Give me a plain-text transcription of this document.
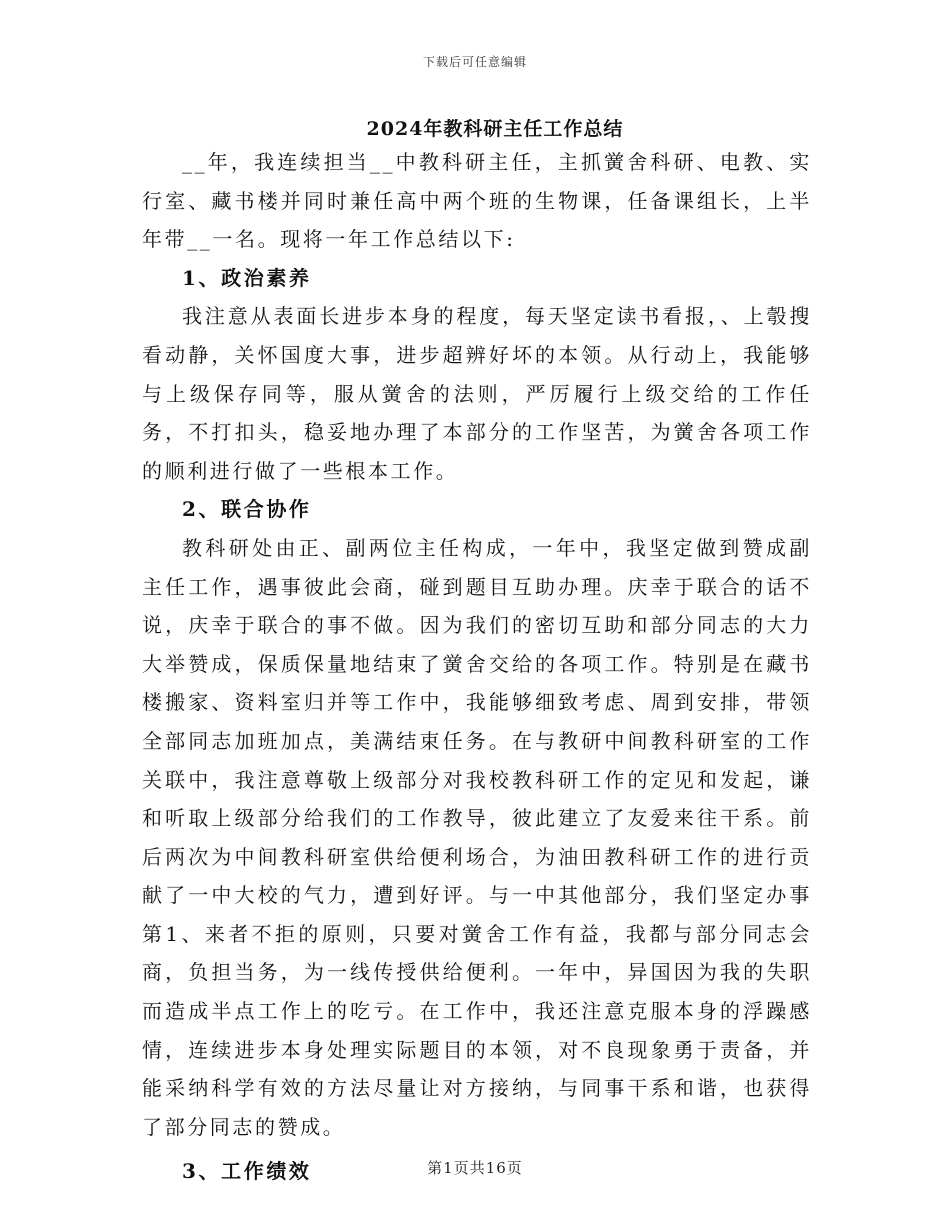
下载后可任意编辑
2024年教科研主任工作总结

__年，我连续担当__中教科研主任，主抓黉舍科研、电教、实行室、藏书楼并同时兼任高中两个班的生物课，任备课组长，上半年带__一名。现将一年工作总结以下:

1、政治素养

我注意从表面长进步本身的程度，每天坚定读书看报，、上彀搜看动静，关怀国度大事，进步超辨好坏的本领。从行动上，我能够与上级保存同等，服从黉舍的法则，严厉履行上级交给的工作任务，不打扣头，稳妥地办理了本部分的工作坚苦，为黉舍各项工作的顺利进行做了一些根本工作。

2、联合协作

教科研处由正、副两位主任构成，一年中，我坚定做到赞成副主任工作，遇事彼此会商，碰到题目互助办理。庆幸于联合的话不说，庆幸于联合的事不做。因为我们的密切互助和部分同志的大力大举赞成，保质保量地结束了黉舍交给的各项工作。特别是在藏书楼搬家、资料室归并等工作中，我能够细致考虑、周到安排，带领全部同志加班加点，美满结束任务。在与教研中间教科研室的工作关联中，我注意尊敬上级部分对我校教科研工作的定见和发起，谦和听取上级部分给我们的工作教导，彼此建立了友爱来往干系。前后两次为中间教科研室供给便利场合，为油田教科研工作的进行贡献了一中大校的气力，遭到好评。与一中其他部分，我们坚定办事第1、来者不拒的原则，只要对黉舍工作有益，我都与部分同志会商，负担当务，为一线传授供给便利。一年中，异国因为我的失职而造成半点工作上的吃亏。在工作中，我还注意克服本身的浮躁感情，连续进步本身处理实际题目的本领，对不良现象勇于责备，并能采纳科学有效的方法尽量让对方接纳，与同事干系和谐，也获得了部分同志的赞成。

3、工作绩效	第1页共16页
